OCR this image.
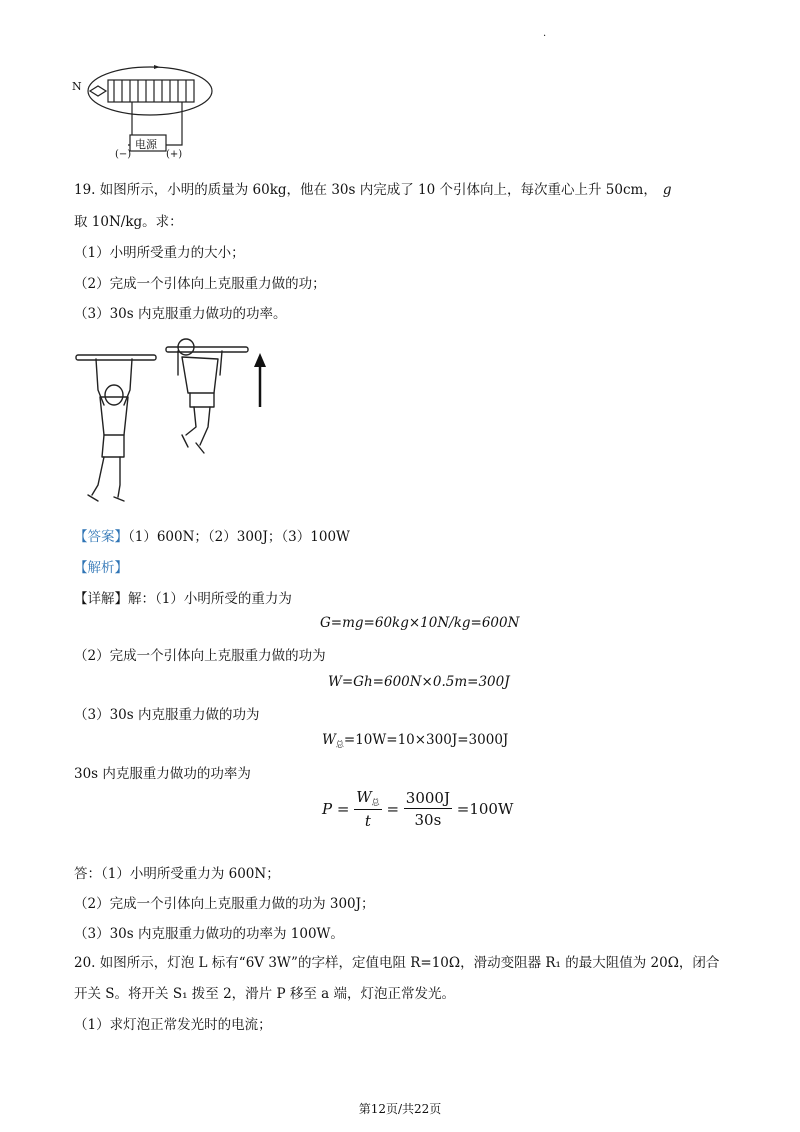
.
N
电源
(−)	(+)
19. 如图所示，小明的质量为 60kg，他在 30s 内完成了 10 个引体向上，每次重心上升 50cm， g
取 10N/kg。求：
（1）小明所受重力的大小；
（2）完成一个引体向上克服重力做的功；
（3）30s 内克服重力做功的功率。
【答案】（1）600N；（2）300J；（3）100W
【解析】
【详解】解：（1）小明所受的重力为
G=mg=60kg×10N/kg=600N
（2）完成一个引体向上克服重力做的功为
W=Gh=600N×0.5m=300J
（3）30s 内克服重力做的功为
$W_总=10W=10\times 300J=3000J$
30s 内克服重力做功的功率为
$P = \frac{W_总}{t} = \frac{3000J}{30s} =100W$
答：（1）小明所受重力为 600N；
（2）完成一个引体向上克服重力做的功为 300J；
（3）30s 内克服重力做功的功率为 100W。
20. 如图所示，灯泡 L 标有“6V 3W”的字样，定值电阻 R=10Ω，滑动变阻器 R₁ 的最大阻值为 20Ω，闭合
开关 S。将开关 S₁ 拨至 2，滑片 P 移至 a 端，灯泡正常发光。
（1）求灯泡正常发光时的电流；
第12页/共22页
